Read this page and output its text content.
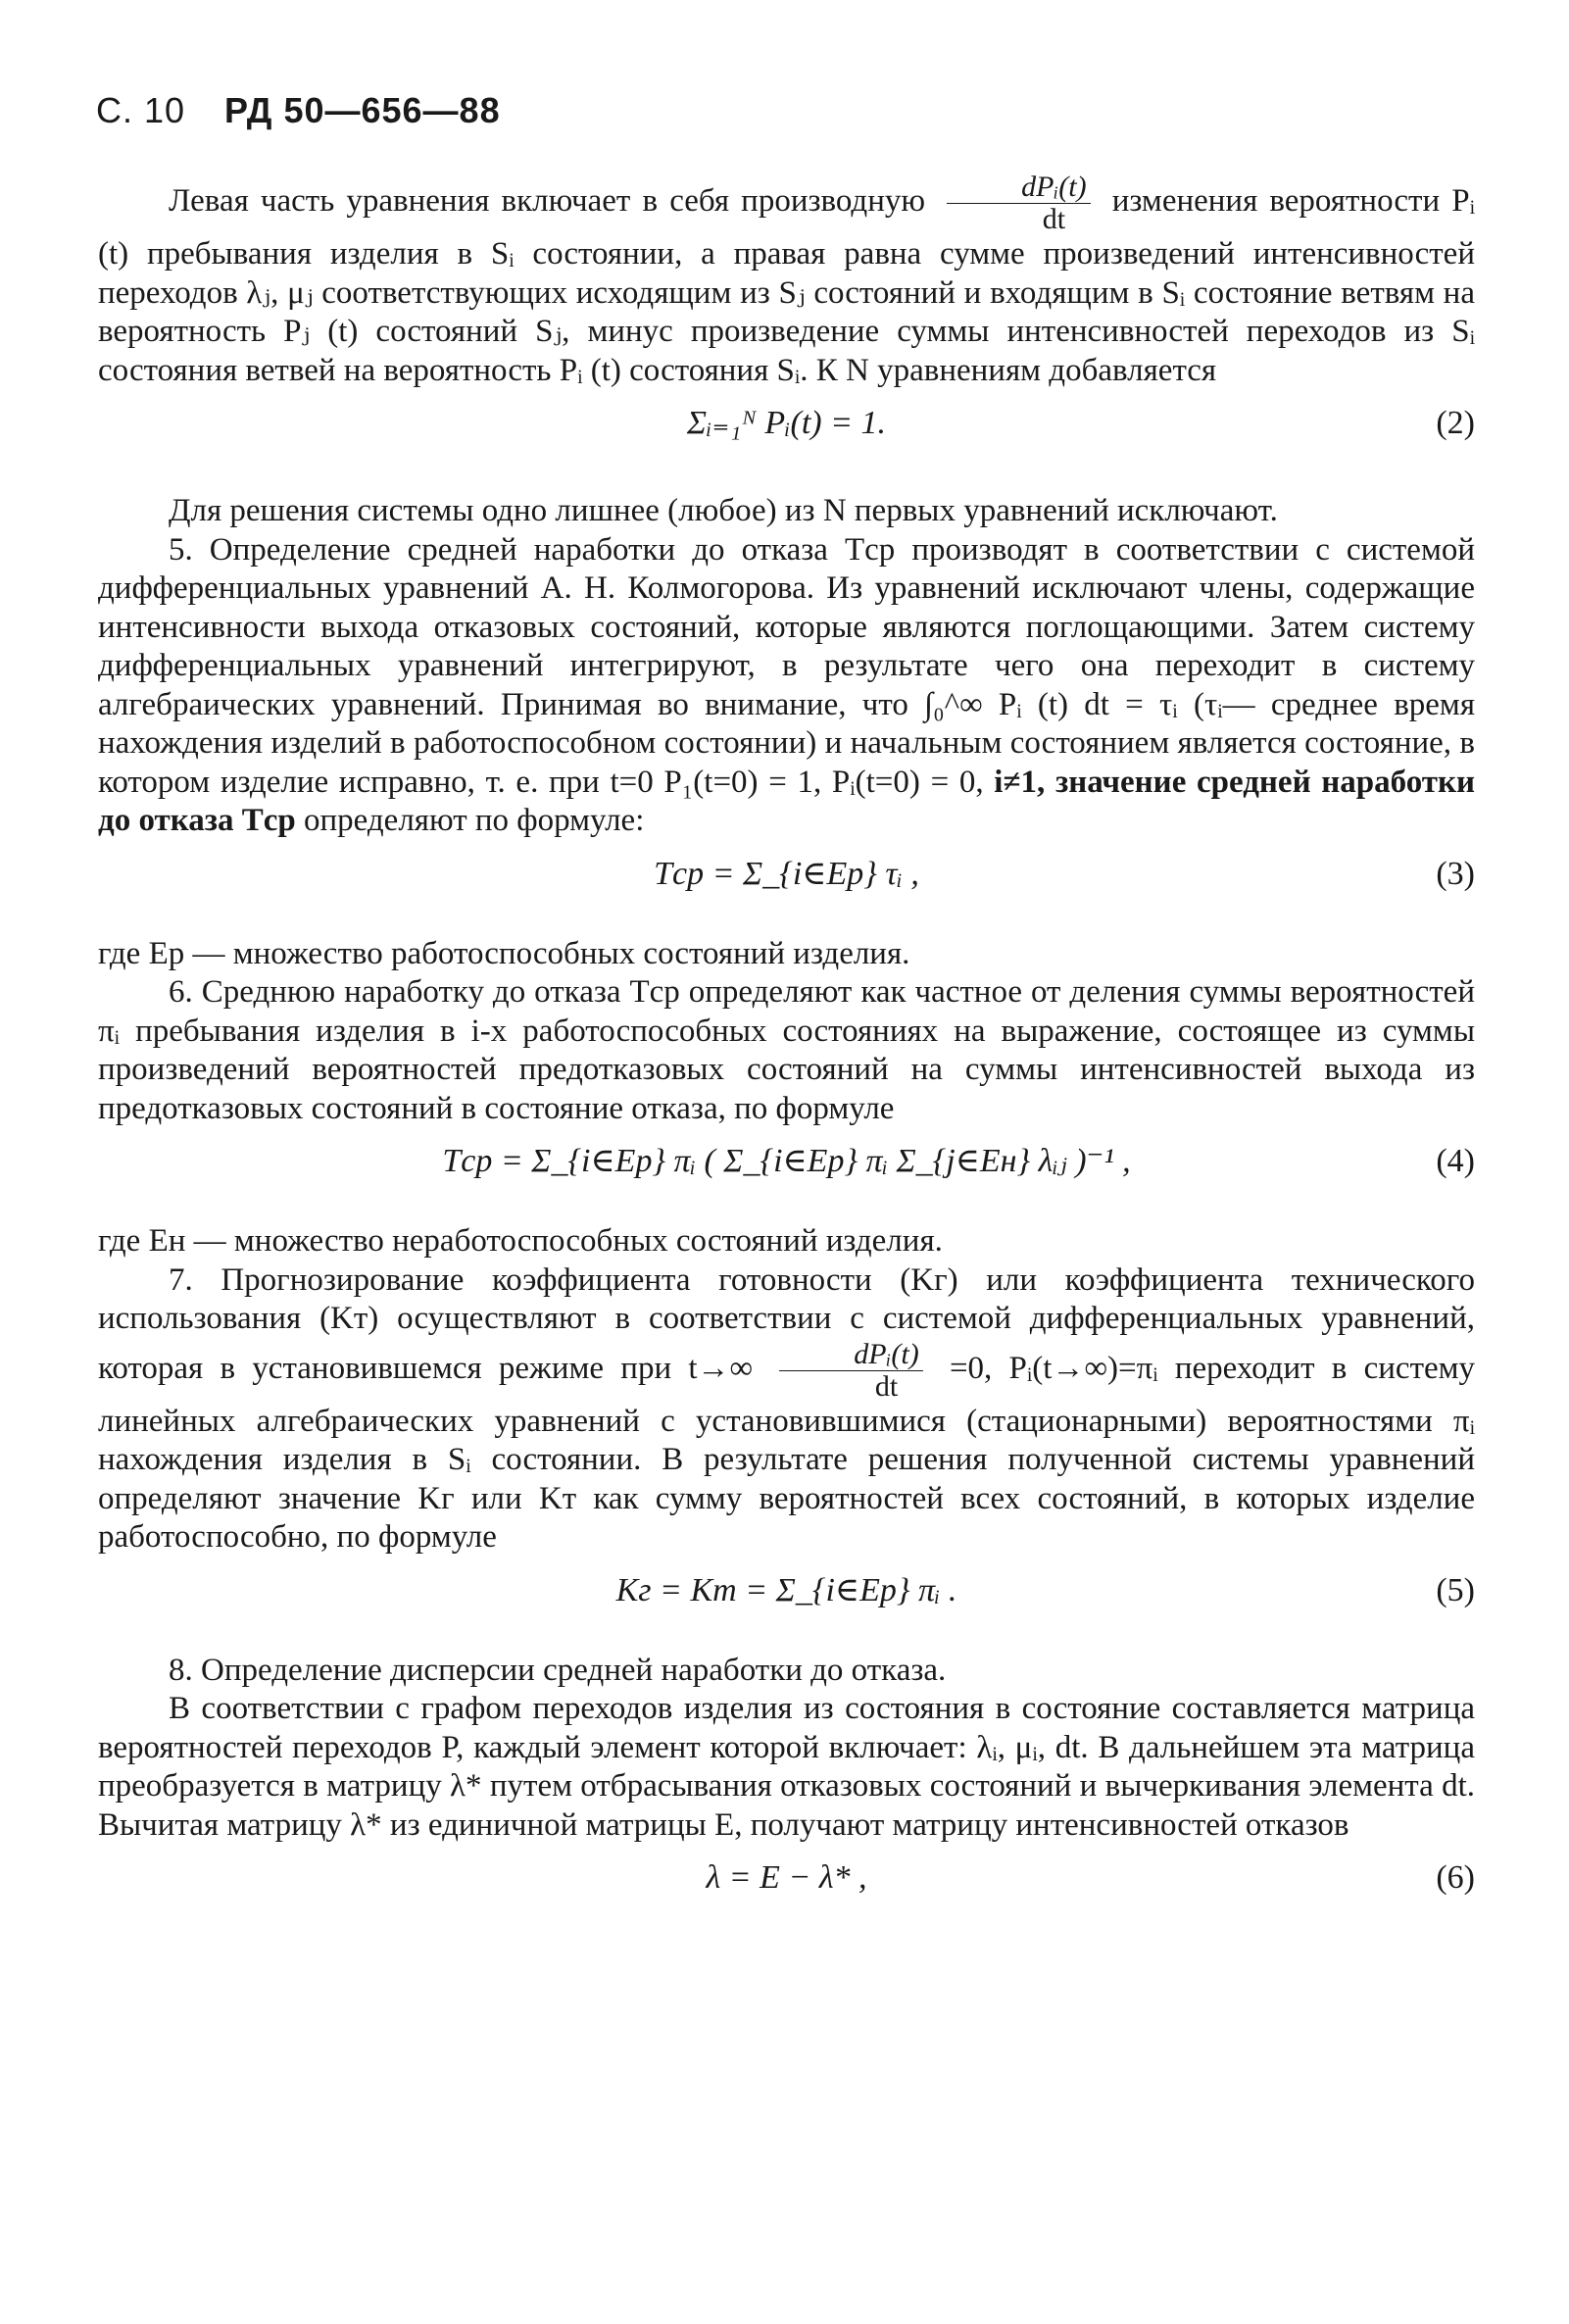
С. 10 РД 50—656—88

Левая часть уравнения включает в себя производную $\frac{\text{dPᵢ(t)}}{dt}$ изменения вероятности Pᵢ (t) пребывания изделия в Sᵢ состоянии, а правая равна сумме произведений интенсивностей переходов λⱼ, μⱼ соответствующих исходящим из Sⱼ состояний и входящим в Sᵢ состояние ветвям на вероятность Pⱼ (t) состояний Sⱼ, минус произведение суммы интенсивностей переходов из Sᵢ состояния ветвей на вероятность Pᵢ (t) состояния Sᵢ. К N уравнениям добавляется

Σᵢ₌₁ᴺ Pᵢ(t) = 1.	(2)

Для решения системы одно лишнее (любое) из N первых уравнений исключают.

5. Определение средней наработки до отказа Tср производят в соответствии с системой дифференциальных уравнений А. Н. Колмогорова. Из уравнений исключают члены, содержащие интенсивности выхода отказовых состояний, которые являются поглощающими. Затем систему дифференциальных уравнений интегрируют, в результате чего она переходит в систему алгебраических уравнений. Принимая во внимание, что ∫₀^∞ Pᵢ (t) dt = τᵢ (τᵢ— среднее время нахождения изделий в работоспособном состоянии) и начальным состоянием является состояние, в котором изделие исправно, т. е. при t=0 P₁(t=0) = 1, Pᵢ(t=0) = 0, i≠1, значение средней наработки до отказа Tср определяют по формуле:

Tср = Σ_{i∈Eр} τᵢ ,	(3)

где Eр — множество работоспособных состояний изделия.

6. Среднюю наработку до отказа Tср определяют как частное от деления суммы вероятностей πᵢ пребывания изделия в i-х работоспособных состояниях на выражение, состоящее из суммы произведений вероятностей предотказовых состояний на суммы интенсивностей выхода из предотказовых состояний в состояние отказа, по формуле

Tср = Σ_{i∈Eр} πᵢ ( Σ_{i∈Eр} πᵢ Σ_{j∈Eн} λᵢⱼ )⁻¹ ,	(4)

где Eн — множество неработоспособных состояний изделия.

7. Прогнозирование коэффициента готовности (Kг) или коэффициента технического использования (Kт) осуществляют в соответствии с системой дифференциальных уравнений, которая в установившемся режиме при $t\to\infty \frac{\text{dPᵢ(t)}}{dt} =0$, Pᵢ(t→∞)=πᵢ переходит в систему линейных алгебраических уравнений с установившимися (стационарными) вероятностями πᵢ нахождения изделия в Sᵢ состоянии. В результате решения полученной системы уравнений определяют значение Kг или Kт как сумму вероятностей всех состояний, в которых изделие работоспособно, по формуле

Kг = Kт = Σ_{i∈Eр} πᵢ .	(5)

8. Определение дисперсии средней наработки до отказа.

В соответствии с графом переходов изделия из состояния в состояние составляется матрица вероятностей переходов P, каждый элемент которой включает: λᵢ, μᵢ, dt. В дальнейшем эта матрица преобразуется в матрицу λ* путем отбрасывания отказовых состояний и вычеркивания элемента dt. Вычитая матрицу λ* из единичной матрицы E, получают матрицу интенсивностей отказов

λ = E − λ* ,	(6)
